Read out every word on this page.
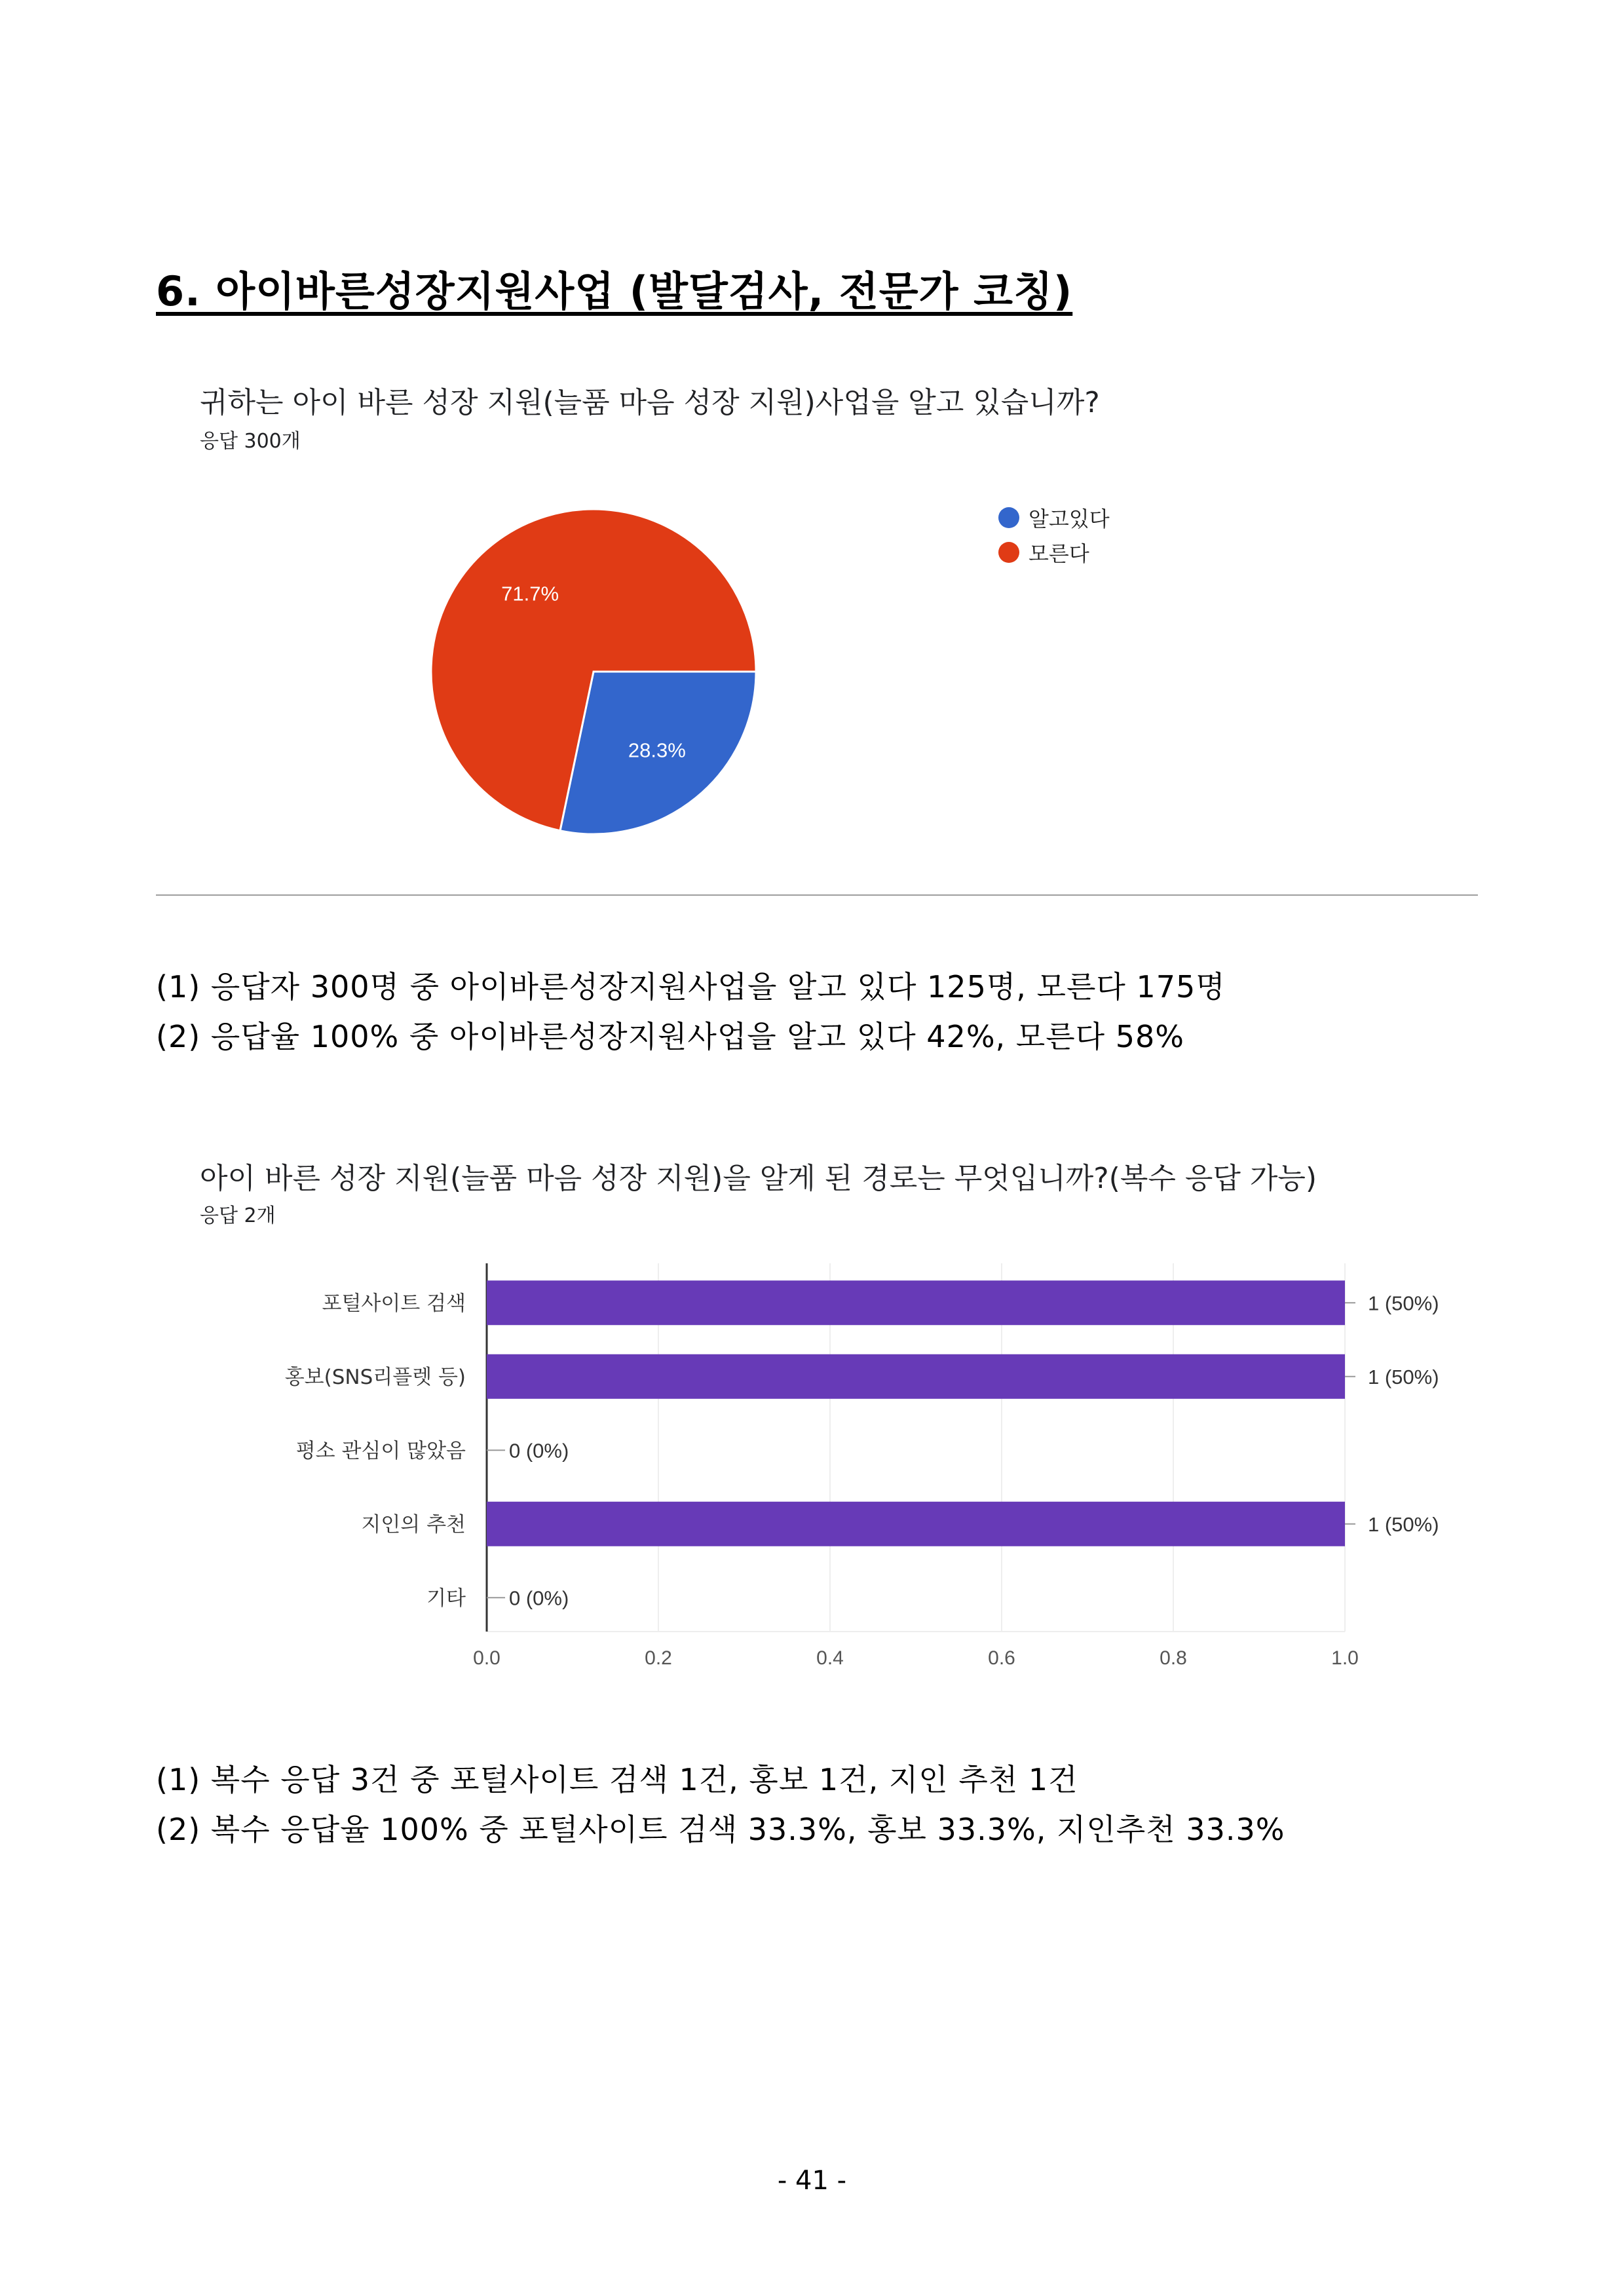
6. 아이바른성장지원사업 (발달검사, 전문가 코칭)
귀하는 아이 바른 성장 지원(늘품 마음 성장 지원)사업을 알고 있습니까?
응답 300개
28.3%
71.7%
알고있다
모른다
(1) 응답자 300명 중 아이바른성장지원사업을 알고 있다 125명, 모른다 175명
(2) 응답율 100% 중 아이바른성장지원사업을 알고 있다 42%, 모른다 58%
아이 바른 성장 지원(늘품 마음 성장 지원)을 알게 된 경로는 무엇입니까?(복수 응답 가능)
응답 2개
포털사이트 검색
홍보(SNS리플렛 등)
평소 관심이 많았음
지인의 추천
기타
1 (50%)
1 (50%)
0 (0%)
1 (50%)
0 (0%)
0.0	0.2	0.4	0.6	0.8	1.0
(1) 복수 응답 3건 중 포털사이트 검색 1건, 홍보 1건, 지인 추천 1건
(2) 복수 응답율 100% 중 포털사이트 검색 33.3%, 홍보 33.3%, 지인추천 33.3%
- 41 -
